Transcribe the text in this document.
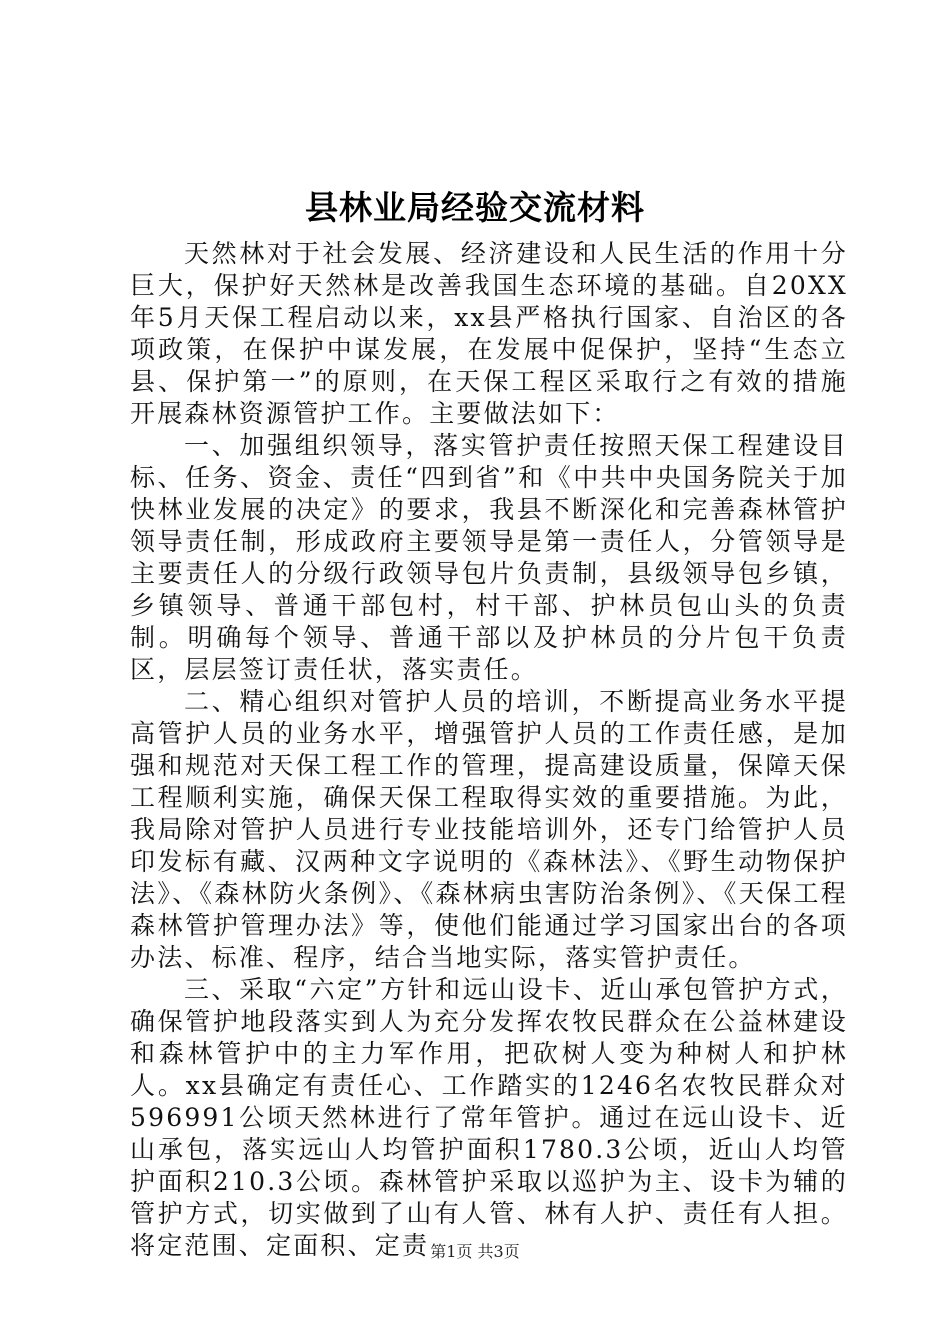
县林业局经验交流材料

天然林对于社会发展、经济建设和人民生活的作用十分巨大，保护好天然林是改善我国生态环境的基础。自20XX年5月天保工程启动以来，xx县严格执行国家、自治区的各项政策，在保护中谋发展，在发展中促保护，坚持“生态立县、保护第一”的原则，在天保工程区采取行之有效的措施开展森林资源管护工作。主要做法如下：

一、加强组织领导，落实管护责任按照天保工程建设目标、任务、资金、责任“四到省”和《中共中央国务院关于加快林业发展的决定》的要求，我县不断深化和完善森林管护领导责任制，形成政府主要领导是第一责任人，分管领导是主要责任人的分级行政领导包片负责制，县级领导包乡镇，乡镇领导、普通干部包村，村干部、护林员包山头的负责制。明确每个领导、普通干部以及护林员的分片包干负责区，层层签订责任状，落实责任。

二、精心组织对管护人员的培训，不断提高业务水平提高管护人员的业务水平，增强管护人员的工作责任感，是加强和规范对天保工程工作的管理，提高建设质量，保障天保工程顺利实施，确保天保工程取得实效的重要措施。为此，我局除对管护人员进行专业技能培训外，还专门给管护人员印发标有藏、汉两种文字说明的《森林法》、《野生动物保护法》、《森林防火条例》、《森林病虫害防治条例》、《天保工程森林管护管理办法》等，使他们能通过学习国家出台的各项办法、标准、程序，结合当地实际，落实管护责任。

三、采取“六定”方针和远山设卡、近山承包管护方式，确保管护地段落实到人为充分发挥农牧民群众在公益林建设和森林管护中的主力军作用，把砍树人变为种树人和护林人。xx县确定有责任心、工作踏实的1246名农牧民群众对596991公顷天然林进行了常年管护。通过在远山设卡、近山承包，落实远山人均管护面积1780.3公顷，近山人均管护面积210.3公顷。森林管护采取以巡护为主、设卡为辅的管护方式，切实做到了山有人管、林有人护、责任有人担。将定范围、定面积、定责 第1页 共3页
